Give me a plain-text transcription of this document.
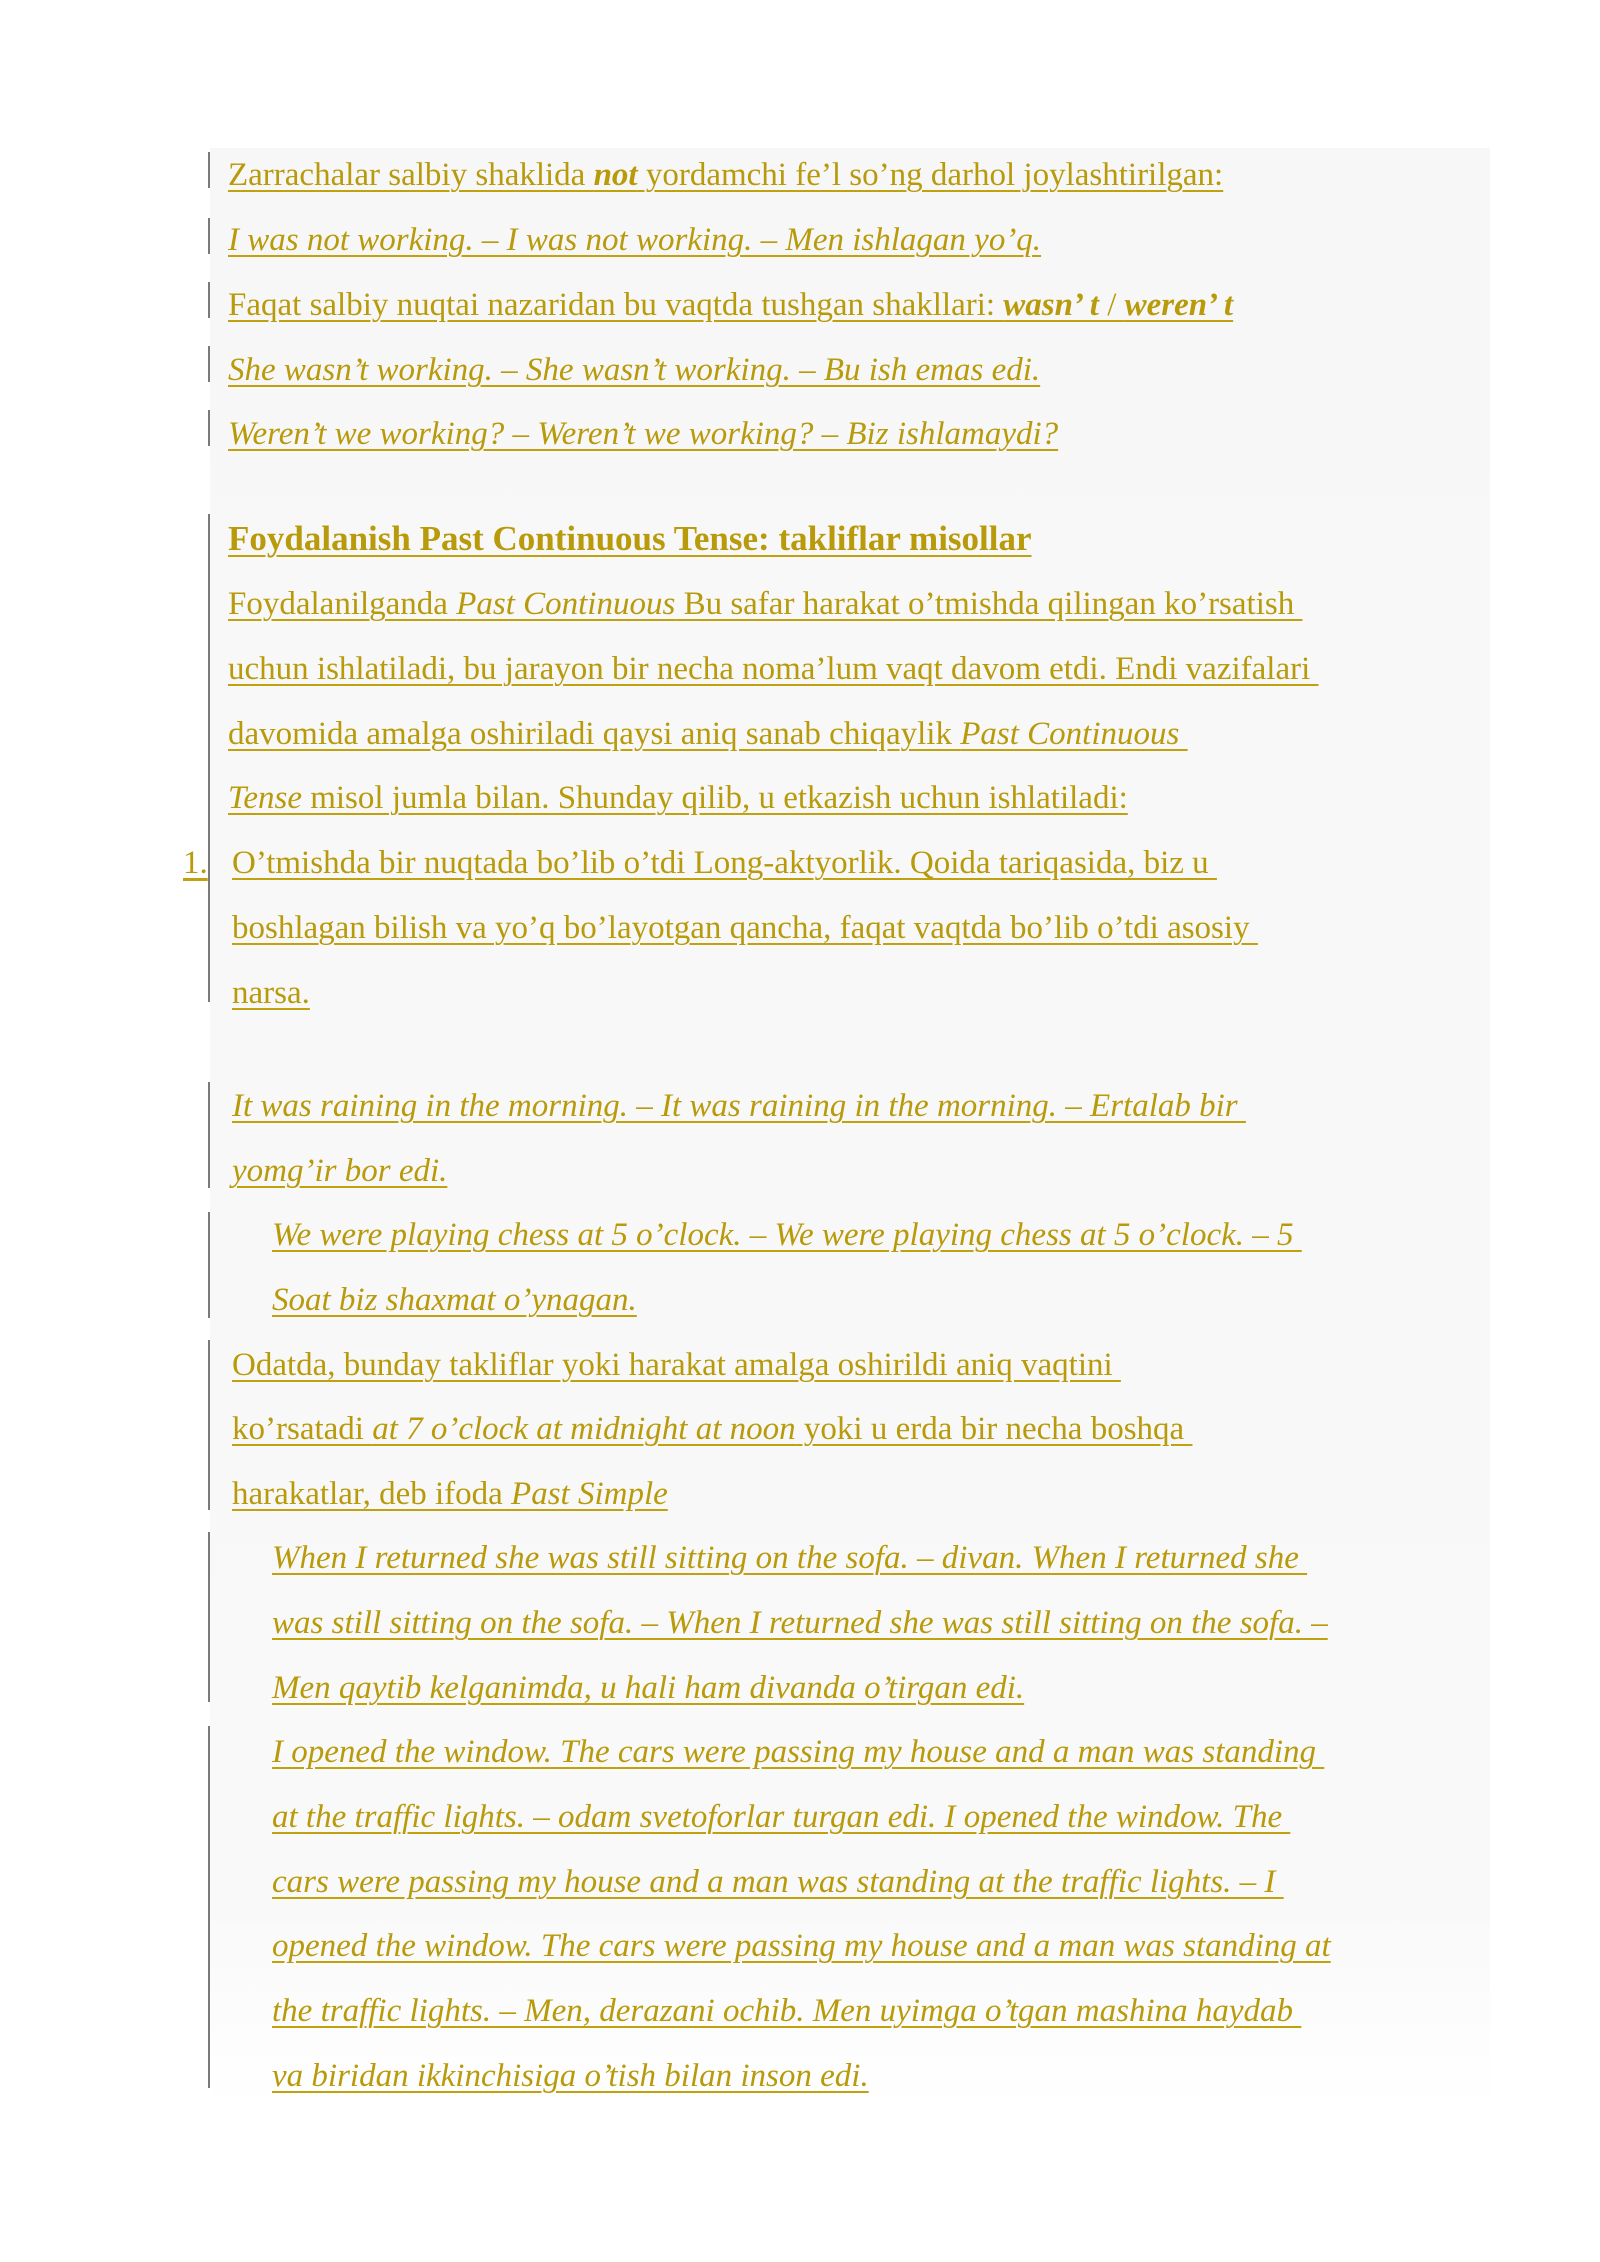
Zarrachalar salbiy shaklida not yordamchi fe’l so’ng darhol joylashtirilgan:

I was not working. – I was not working. – Men ishlagan yo’q.

Faqat salbiy nuqtai nazaridan bu vaqtda tushgan shakllari: wasn’ t / weren’ t

She wasn’t working. – She wasn’t working. – Bu ish emas edi.

Weren’t we working? – Weren’t we working? – Biz ishlamaydi?

Foydalanish Past Continuous Tense: takliflar misollar

Foydalanilganda Past Continuous Bu safar harakat o’tmishda qilingan ko’rsatish

uchun ishlatiladi, bu jarayon bir necha noma’lum vaqt davom etdi. Endi vazifalari

davomida amalga oshiriladi qaysi aniq sanab chiqaylik Past Continuous

Tense misol jumla bilan. Shunday qilib, u etkazish uchun ishlatiladi:

1. O’tmishda bir nuqtada bo’lib o’tdi Long-aktyorlik. Qoida tariqasida, biz u

boshlagan bilish va yo’q bo’layotgan qancha, faqat vaqtda bo’lib o’tdi asosiy

narsa.

It was raining in the morning. – It was raining in the morning. – Ertalab bir

yomg’ir bor edi.

We were playing chess at 5 o’clock. – We were playing chess at 5 o’clock. – 5

Soat biz shaxmat o’ynagan.

Odatda, bunday takliflar yoki harakat amalga oshirildi aniq vaqtini

ko’rsatadi at 7 o’clock at midnight at noon yoki u erda bir necha boshqa

harakatlar, deb ifoda Past Simple

When I returned she was still sitting on the sofa. – divan. When I returned she

was still sitting on the sofa. – When I returned she was still sitting on the sofa. –

Men qaytib kelganimda, u hali ham divanda o’tirgan edi.

I opened the window. The cars were passing my house and a man was standing

at the traffic lights. – odam svetoforlar turgan edi. I opened the window. The

cars were passing my house and a man was standing at the traffic lights. – I

opened the window. The cars were passing my house and a man was standing at

the traffic lights. – Men, derazani ochib. Men uyimga o’tgan mashina haydab

va biridan ikkinchisiga o’tish bilan inson edi.
